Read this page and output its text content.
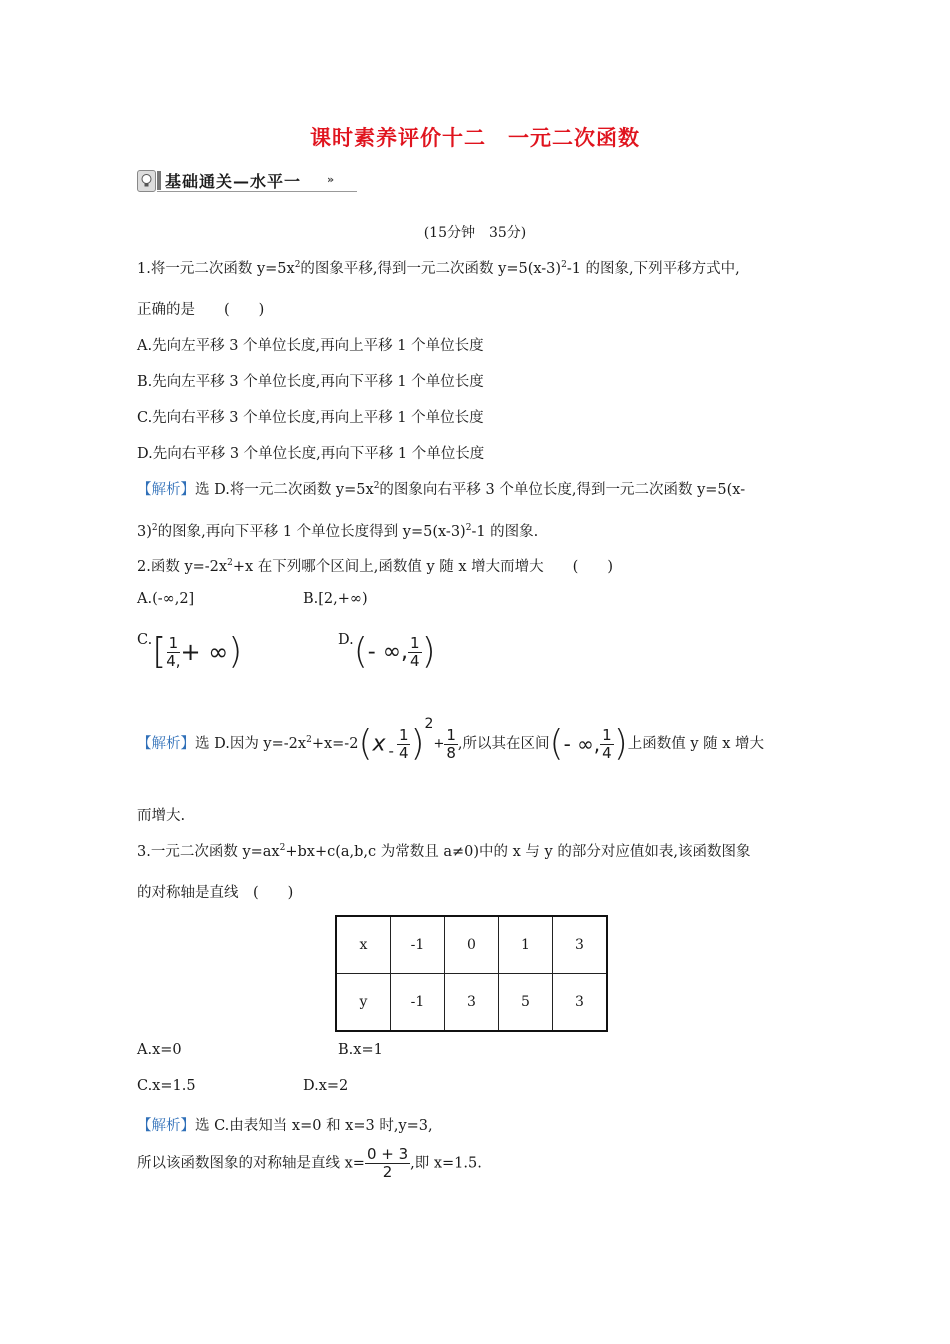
课时素养评价十二　一元二次函数
基础通关—水平一 »
(15分钟　35分)
1.将一元二次函数 $y=5x^2$的图象平移,得到一元二次函数 $y=5(x-3)^2-1$ 的图象,下列平移方式中,
正确的是　　(　　)
A.先向左平移 3 个单位长度,再向上平移 1 个单位长度
B.先向左平移 3 个单位长度,再向下平移 1 个单位长度
C.先向右平移 3 个单位长度,再向上平移 1 个单位长度
D.先向右平移 3 个单位长度,再向下平移 1 个单位长度
【解析】选 D.将一元二次函数 $y=5x^2$的图象向右平移 3 个单位长度,得到一元二次函数 y=5(x-
3)$^2$的图象,再向下平移 1 个单位长度得到 $y=5(x-3)^2-1$ 的图象.
2.函数 $y=-2x^2+x$ 在下列哪个区间上,函数值 y 随 x 增大而增大　　(　　)
A.(-∞,2]	B.[2,+∞)
$C.[ \frac{1}{4,}$ + ∞)	D.(- ∞, $\frac{1}{4}$ )
【解析】选 D.因为 $y=-2x^2+x=-2(x - \frac{1}{4} )2+ \frac{1}{8}$ ,所以其在区间(- ∞, $\frac{1}{4}$ )上函数值 y 随 x 增大
而增大.
3.一元二次函数 $y=ax^2+bx+c(a,b,c$ 为常数且 a≠0)中的 x 与 y 的部分对应值如表,该函数图象
的对称轴是直线　(　　)
x	-1	0	1	3
y	-1	3	5	3
A.x=0	B.x=1
C.x=1.5	D.x=2
【解析】选 C.由表知当 x=0 和 x=3 时,y=3,
所以该函数图象的对称轴是直线 $x= \frac{0 + 3}{2}$ ,即 x=1.5.
